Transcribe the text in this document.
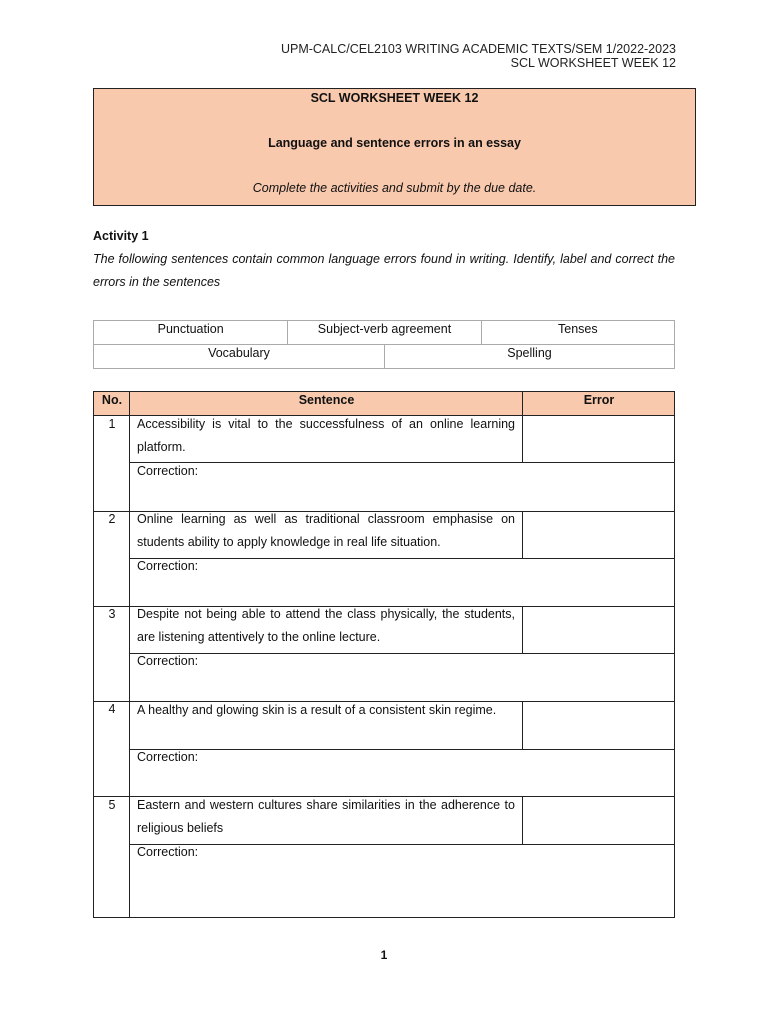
UPM-CALC/CEL2103 WRITING ACADEMIC TEXTS/SEM 1/2022-2023
SCL WORKSHEET WEEK 12
SCL WORKSHEET WEEK 12
Language and sentence errors in an essay
Complete the activities and submit by the due date.
Activity 1
The following sentences contain common language errors found in writing. Identify, label and correct the errors in the sentences
Punctuation	Subject-verb agreement	Tenses
Vocabulary	Spelling
No.	Sentence	Error
1	Accessibility is vital to the successfulness of an online learning platform.
Correction:
2	Online learning as well as traditional classroom emphasise on students ability to apply knowledge in real life situation.
Correction:
3	Despite not being able to attend the class physically, the students, are listening attentively to the online lecture.
Correction:
4	A healthy and glowing skin is a result of a consistent skin regime.
Correction:
5	Eastern and western cultures share similarities in the adherence to religious beliefs
Correction:
1
